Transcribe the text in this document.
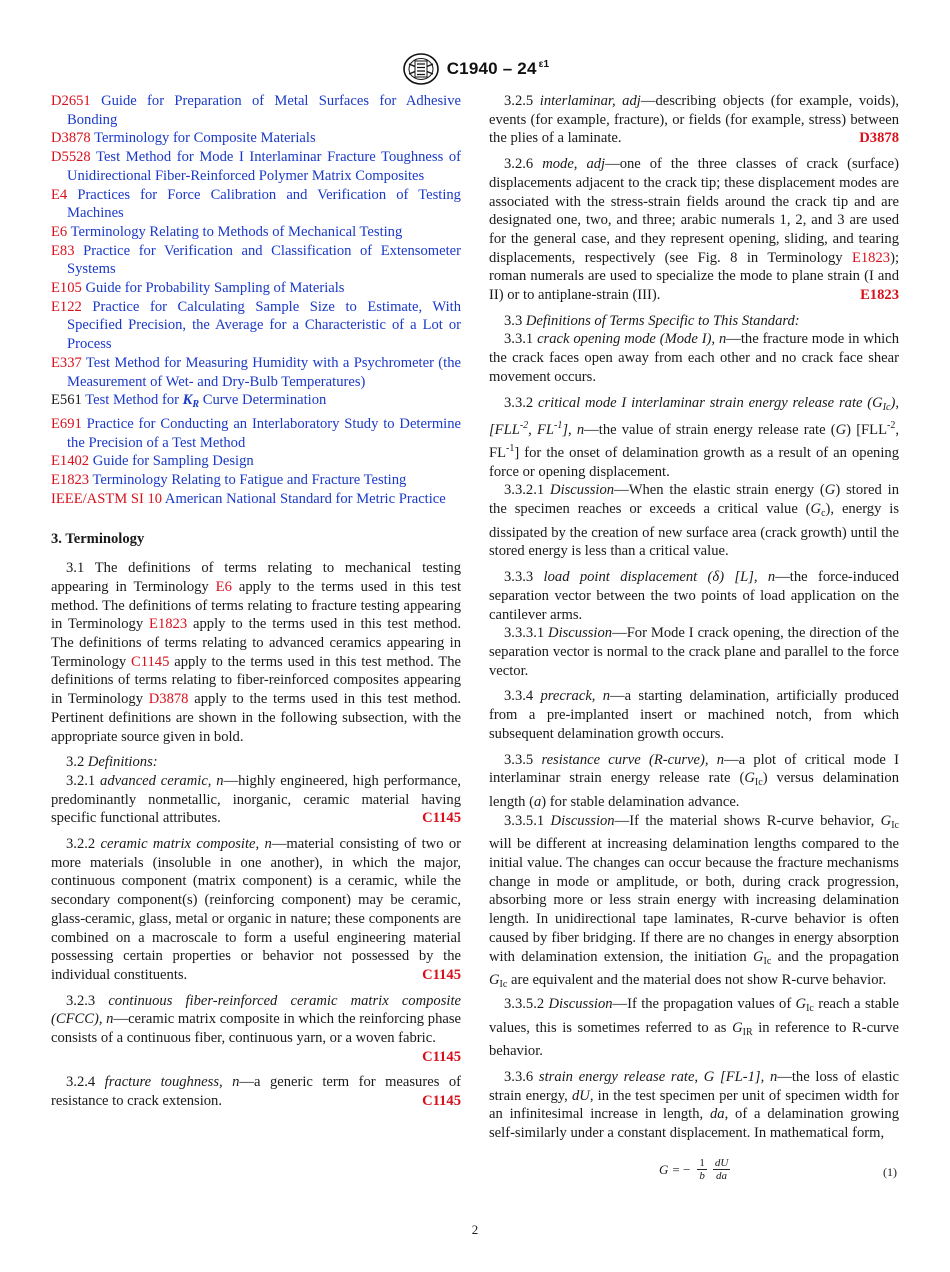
C1940 – 24 $^{\varepsilon 1}$
D2651 Guide for Preparation of Metal Surfaces for Adhesive Bonding
D3878 Terminology for Composite Materials
D5528 Test Method for Mode I Interlaminar Fracture Toughness of Unidirectional Fiber-Reinforced Polymer Matrix Composites
E4 Practices for Force Calibration and Verification of Testing Machines
E6 Terminology Relating to Methods of Mechanical Testing
E83 Practice for Verification and Classification of Extensometer Systems
E105 Guide for Probability Sampling of Materials
E122 Practice for Calculating Sample Size to Estimate, With Specified Precision, the Average for a Characteristic of a Lot or Process
E337 Test Method for Measuring Humidity with a Psychrometer (the Measurement of Wet- and Dry-Bulb Temperatures)
E561 Test Method for $K_R$ Curve Determination
E691 Practice for Conducting an Interlaboratory Study to Determine the Precision of a Test Method
E1402 Guide for Sampling Design
E1823 Terminology Relating to Fatigue and Fracture Testing
IEEE/ASTM SI 10 American National Standard for Metric Practice
3. Terminology

3.1 The definitions of terms relating to mechanical testing appearing in Terminology E6 apply to the terms used in this test method. The definitions of terms relating to fracture testing appearing in Terminology E1823 apply to the terms used in this test method. The definitions of terms relating to advanced ceramics appearing in Terminology C1145 apply to the terms used in this test method. The definitions of terms relating to fiber-reinforced composites appearing in Terminology D3878 apply to the terms used in this test method. Pertinent definitions are shown in the following subsection, with the appropriate source given in bold.

3.2 Definitions:

3.2.1 advanced ceramic, n—highly engineered, high performance, predominantly nonmetallic, inorganic, ceramic material having specific functional attributes.	C1145

3.2.2 ceramic matrix composite, n—material consisting of two or more materials (insoluble in one another), in which the major, continuous component (matrix component) is a ceramic, while the secondary component(s) (reinforcing component) may be ceramic, glass-ceramic, glass, metal or organic in nature; these components are combined on a macroscale to form a useful engineering material possessing certain properties or behavior not possessed by the individual constituents.	C1145

3.2.3 continuous fiber-reinforced ceramic matrix composite (CFCC), n—ceramic matrix composite in which the reinforcing phase consists of a continuous fiber, continuous yarn, or a woven fabric.
C1145

3.2.4 fracture toughness, n—a generic term for measures of resistance to crack extension.	C1145

3.2.5 interlaminar, adj—describing objects (for example, voids), events (for example, fracture), or fields (for example, stress) between the plies of a laminate.	D3878

3.2.6 mode, adj—one of the three classes of crack (surface) displacements adjacent to the crack tip; these displacement modes are associated with the stress-strain fields around the crack tip and are designated one, two, and three; arabic numerals 1, 2, and 3 are used for the general case, and they represent opening, sliding, and tearing displacements, respectively (see Fig. 8 in Terminology E1823); roman numerals are used to specialize the mode to plane strain (I and II) or to antiplane-strain (III).	E1823

3.3 Definitions of Terms Specific to This Standard:

3.3.1 crack opening mode (Mode I), n—the fracture mode in which the crack faces open away from each other and no crack face shear movement occurs.

3.3.2 critical mode I interlaminar strain energy release rate $(G_{Ic})$, [$FLL^{-2}$, $FL^{-1}$], n—the value of strain energy release rate (G) [$FLL^{-2}$, $FL^{-1}$] for the onset of delamination growth as a result of an opening force or opening displacement.

3.3.2.1 Discussion—When the elastic strain energy (G) stored in the specimen reaches or exceeds a critical value $(G_c)$, energy is dissipated by the creation of new surface area (crack growth) until the stored energy is less than a critical value.

3.3.3 load point displacement (δ) [L], n—the force-induced separation vector between the two points of load application on the cantilever arms.

3.3.3.1 Discussion—For Mode I crack opening, the direction of the separation vector is normal to the crack plane and parallel to the force vector.

3.3.4 precrack, n—a starting delamination, artificially produced from a pre-implanted insert or machined notch, from which subsequent delamination growth occurs.

3.3.5 resistance curve (R-curve), n—a plot of critical mode I interlaminar strain energy release rate $(G_{Ic})$ versus delamination length (a) for stable delamination advance.

3.3.5.1 Discussion—If the material shows R-curve behavior, $G_{Ic}$ will be different at increasing delamination lengths compared to the initial value. The changes can occur because the fracture mechanisms change in mode or amplitude, or both, during crack progression, absorbing more or less strain energy with increasing delamination length. In unidirectional tape laminates, R-curve behavior is often caused by fiber bridging. If there are no changes in energy absorption with delamination extension, the initiation $G_{Ic}$ and the propagation $G_{Ic}$ are equivalent and the material does not show R-curve behavior.

3.3.5.2 Discussion—If the propagation values of $G_{Ic}$ reach a stable values, this is sometimes referred to as $G_{IR}$ in reference to R-curve behavior.

3.3.6 strain energy release rate, G [FL-1], n—the loss of elastic strain energy, dU, in the test specimen per unit of specimen width for an infinitesimal increase in length, da, of a delamination growing self-similarly under a constant displacement. In mathematical form,

G = − $\frac{1}{b} \frac{dU}{da}$	(1)
2
